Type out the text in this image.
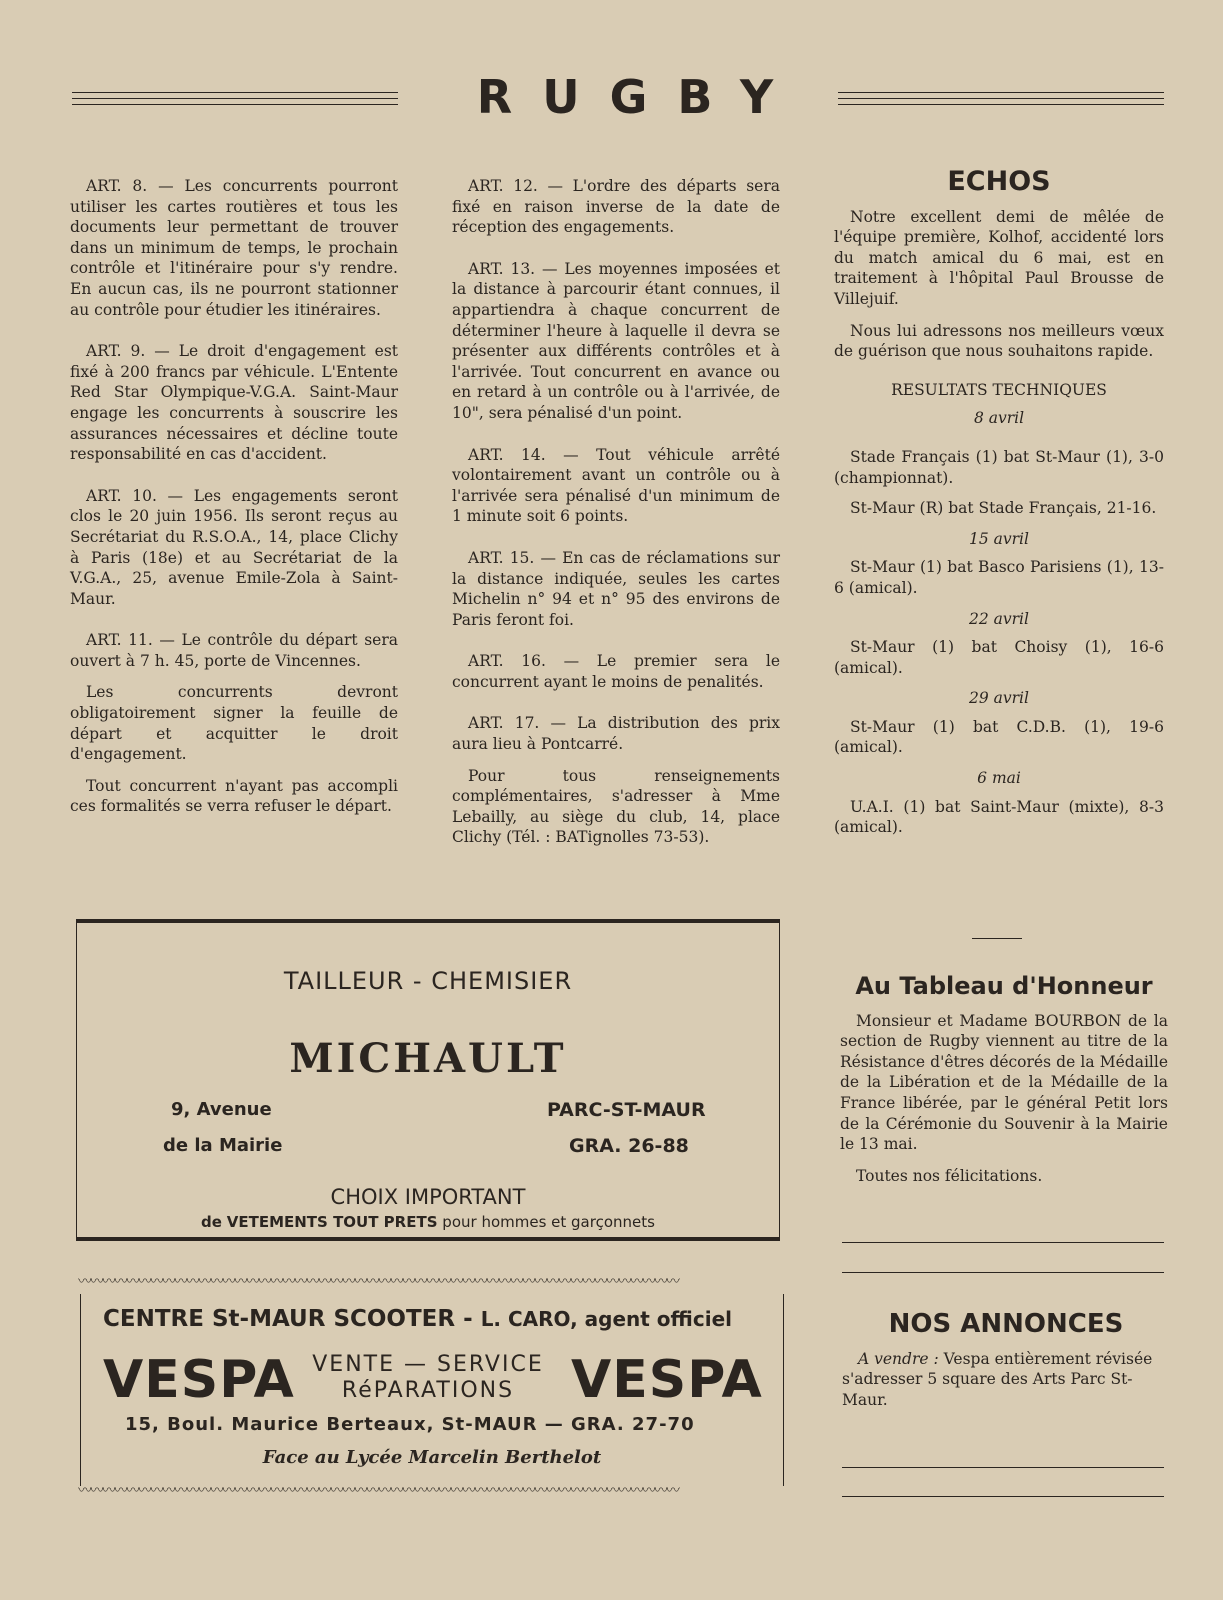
RUGBY

ART. 8. — Les concurrents pourront utiliser les cartes routières et tous les documents leur permettant de trouver dans un minimum de temps, le prochain contrôle et l'itinéraire pour s'y rendre. En aucun cas, ils ne pourront stationner au contrôle pour étudier les itinéraires.

ART. 9. — Le droit d'engagement est fixé à 200 francs par véhicule. L'Entente Red Star Olympique-V.G.A. Saint-Maur engage les concurrents à souscrire les assurances nécessaires et décline toute responsabilité en cas d'accident.

ART. 10. — Les engagements seront clos le 20 juin 1956. Ils seront reçus au Secrétariat du R.S.O.A., 14, place Clichy à Paris (18e) et au Secrétariat de la V.G.A., 25, avenue Emile-Zola à Saint-Maur.

ART. 11. — Le contrôle du départ sera ouvert à 7 h. 45, porte de Vincennes.

Les concurrents devront obligatoirement signer la feuille de départ et acquitter le droit d'engagement.

Tout concurrent n'ayant pas accompli ces formalités se verra refuser le départ.

ART. 12. — L'ordre des départs sera fixé en raison inverse de la date de réception des engagements.

ART. 13. — Les moyennes imposées et la distance à parcourir étant connues, il appartiendra à chaque concurrent de déterminer l'heure à laquelle il devra se présenter aux différents contrôles et à l'arrivée. Tout concurrent en avance ou en retard à un contrôle ou à l'arrivée, de 10", sera pénalisé d'un point.

ART. 14. — Tout véhicule arrêté volontairement avant un contrôle ou à l'arrivée sera pénalisé d'un minimum de 1 minute soit 6 points.

ART. 15. — En cas de réclamations sur la distance indiquée, seules les cartes Michelin n° 94 et n° 95 des environs de Paris feront foi.

ART. 16. — Le premier sera le concurrent ayant le moins de penalités.

ART. 17. — La distribution des prix aura lieu à Pontcarré.

Pour tous renseignements complémentaires, s'adresser à Mme Lebailly, au siège du club, 14, place Clichy (Tél. : BATignolles 73-53).

ECHOS

Notre excellent demi de mêlée de l'équipe première, Kolhof, accidenté lors du match amical du 6 mai, est en traitement à l'hôpital Paul Brousse de Villejuif.

Nous lui adressons nos meilleurs vœux de guérison que nous souhaitons rapide.

RESULTATS TECHNIQUES

8 avril

Stade Français (1) bat St-Maur (1), 3-0 (championnat).

St-Maur (R) bat Stade Français, 21-16.

15 avril

St-Maur (1) bat Basco Parisiens (1), 13-6 (amical).

22 avril

St-Maur (1) bat Choisy (1), 16-6 (amical).

29 avril

St-Maur (1) bat C.D.B. (1), 19-6 (amical).

6 mai

U.A.I. (1) bat Saint-Maur (mixte), 8-3 (amical).

Au Tableau d'Honneur

Monsieur et Madame BOURBON de la section de Rugby viennent au titre de la Résistance d'êtres décorés de la Médaille de la Libération et de la Médaille de la France libérée, par le général Petit lors de la Cérémonie du Souvenir à la Mairie le 13 mai.

Toutes nos félicitations.

NOS ANNONCES

A vendre : Vespa entièrement révisée s'adresser 5 square des Arts Parc St-Maur.

TAILLEUR - CHEMISIER
MICHAULT
9, Avenue
de la Mairie
PARC-ST-MAUR
GRA. 26-88
CHOIX IMPORTANT
de VETEMENTS TOUT PRETS pour hommes et garçonnets
〰〰〰〰〰〰〰〰〰〰〰〰〰〰〰〰〰〰〰〰〰〰〰〰〰〰〰〰〰〰〰〰〰〰〰〰〰〰〰〰〰〰〰〰〰〰〰〰〰〰
CENTRE St-MAUR SCOOTER - L. CARO, agent officiel
VESPA VENTE — SERVICE
RéPARATIONS	VESPA
15, Boul. Maurice Berteaux, St-MAUR — GRA. 27-70
Face au Lycée Marcelin Berthelot
〰〰〰〰〰〰〰〰〰〰〰〰〰〰〰〰〰〰〰〰〰〰〰〰〰〰〰〰〰〰〰〰〰〰〰〰〰〰〰〰〰〰〰〰〰〰〰〰〰〰
